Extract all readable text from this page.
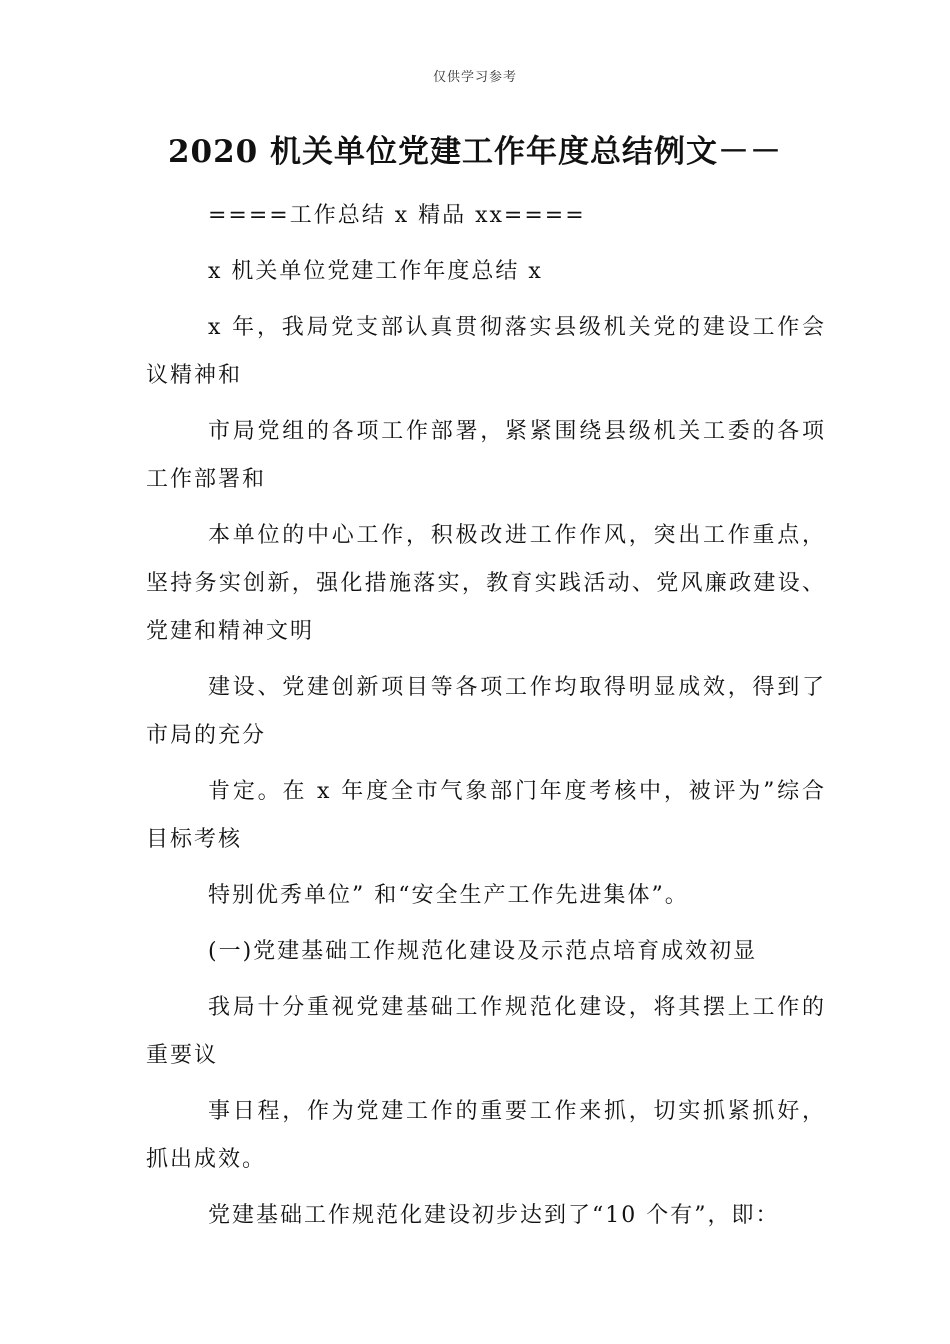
仅供学习参考
2020 机关单位党建工作年度总结例文－－

====工作总结 x 精品 xx====

x 机关单位党建工作年度总结 x

x 年，我局党支部认真贯彻落实县级机关党的建设工作会议精神和

市局党组的各项工作部署，紧紧围绕县级机关工委的各项工作部署和

本单位的中心工作，积极改进工作作风，突出工作重点，坚持务实创新，强化措施落实，教育实践活动、党风廉政建设、党建和精神文明

建设、党建创新项目等各项工作均取得明显成效，得到了市局的充分

肯定。在 x 年度全市气象部门年度考核中，被评为”综合目标考核

特别优秀单位” 和“安全生产工作先进集体”。

(一)党建基础工作规范化建设及示范点培育成效初显

我局十分重视党建基础工作规范化建设，将其摆上工作的重要议

事日程，作为党建工作的重要工作来抓，切实抓紧抓好，抓出成效。

党建基础工作规范化建设初步达到了“10 个有”，即：
